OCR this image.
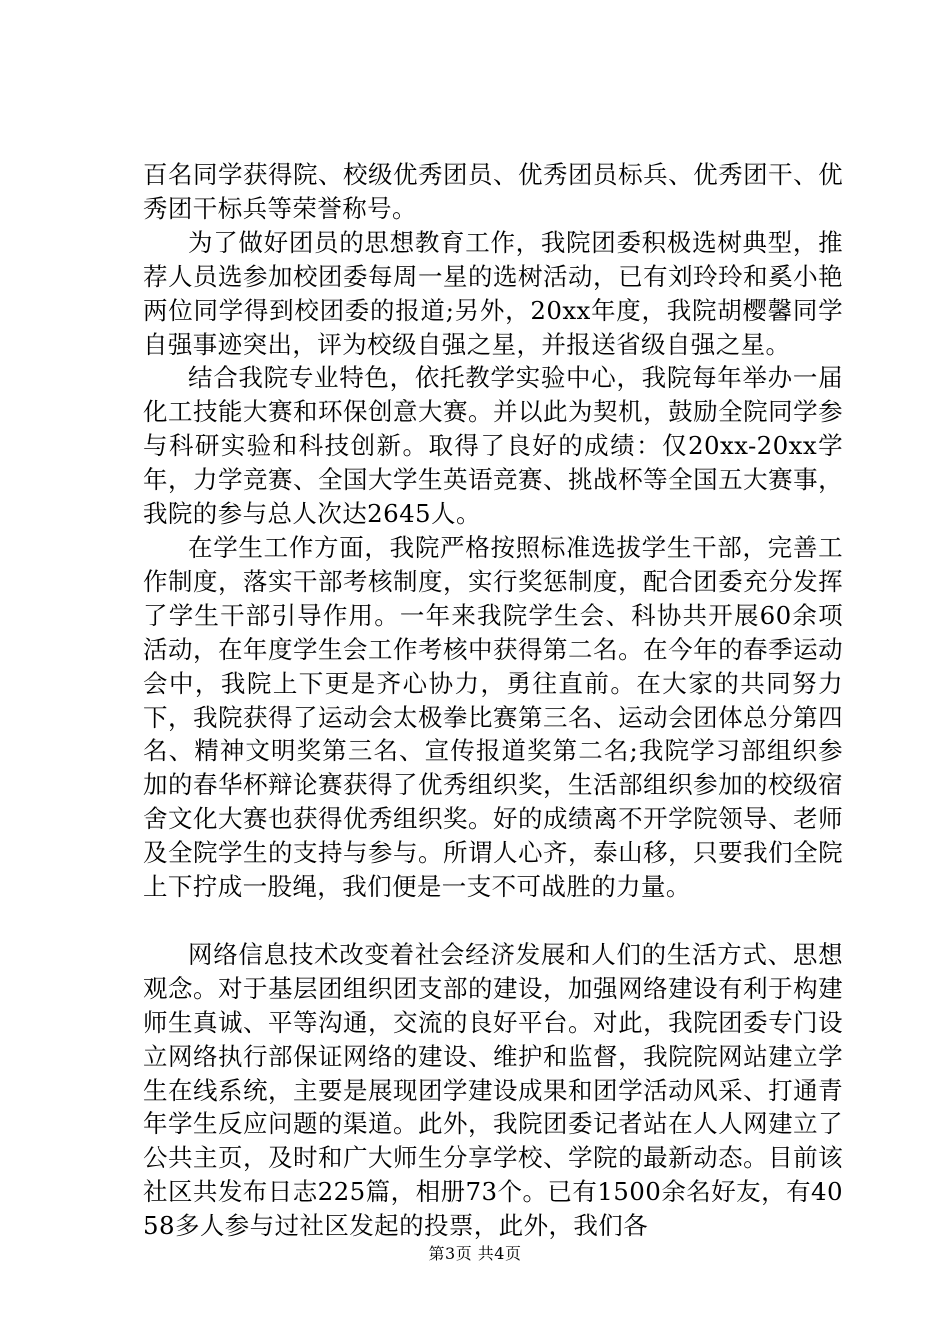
百名同学获得院、校级优秀团员、优秀团员标兵、优秀团干、优秀团干标兵等荣誉称号。

为了做好团员的思想教育工作，我院团委积极选树典型，推荐人员选参加校团委每周一星的选树活动，已有刘玲玲和奚小艳两位同学得到校团委的报道;另外，20xx年度，我院胡樱馨同学自强事迹突出，评为校级自强之星，并报送省级自强之星。

结合我院专业特色，依托教学实验中心，我院每年举办一届化工技能大赛和环保创意大赛。并以此为契机，鼓励全院同学参与科研实验和科技创新。取得了良好的成绩：仅20xx-20xx学年，力学竞赛、全国大学生英语竞赛、挑战杯等全国五大赛事，我院的参与总人次达2645人。

在学生工作方面，我院严格按照标准选拔学生干部，完善工作制度，落实干部考核制度，实行奖惩制度，配合团委充分发挥了学生干部引导作用。一年来我院学生会、科协共开展60余项活动，在年度学生会工作考核中获得第二名。在今年的春季运动会中，我院上下更是齐心协力，勇往直前。在大家的共同努力下，我院获得了运动会太极拳比赛第三名、运动会团体总分第四名、精神文明奖第三名、宣传报道奖第二名;我院学习部组织参加的春华杯辩论赛获得了优秀组织奖，生活部组织参加的校级宿舍文化大赛也获得优秀组织奖。好的成绩离不开学院领导、老师及全院学生的支持与参与。所谓人心齐，泰山移，只要我们全院上下拧成一股绳，我们便是一支不可战胜的力量。

网络信息技术改变着社会经济发展和人们的生活方式、思想观念。对于基层团组织团支部的建设，加强网络建设有利于构建师生真诚、平等沟通，交流的良好平台。对此，我院团委专门设立网络执行部保证网络的建设、维护和监督，我院院网站建立学生在线系统，主要是展现团学建设成果和团学活动风采、打通青年学生反应问题的渠道。此外，我院团委记者站在人人网建立了公共主页，及时和广大师生分享学校、学院的最新动态。目前该社区共发布日志225篇，相册73个。已有1500余名好友，有4058多人参与过社区发起的投票，此外，我们各

第3页 共4页
